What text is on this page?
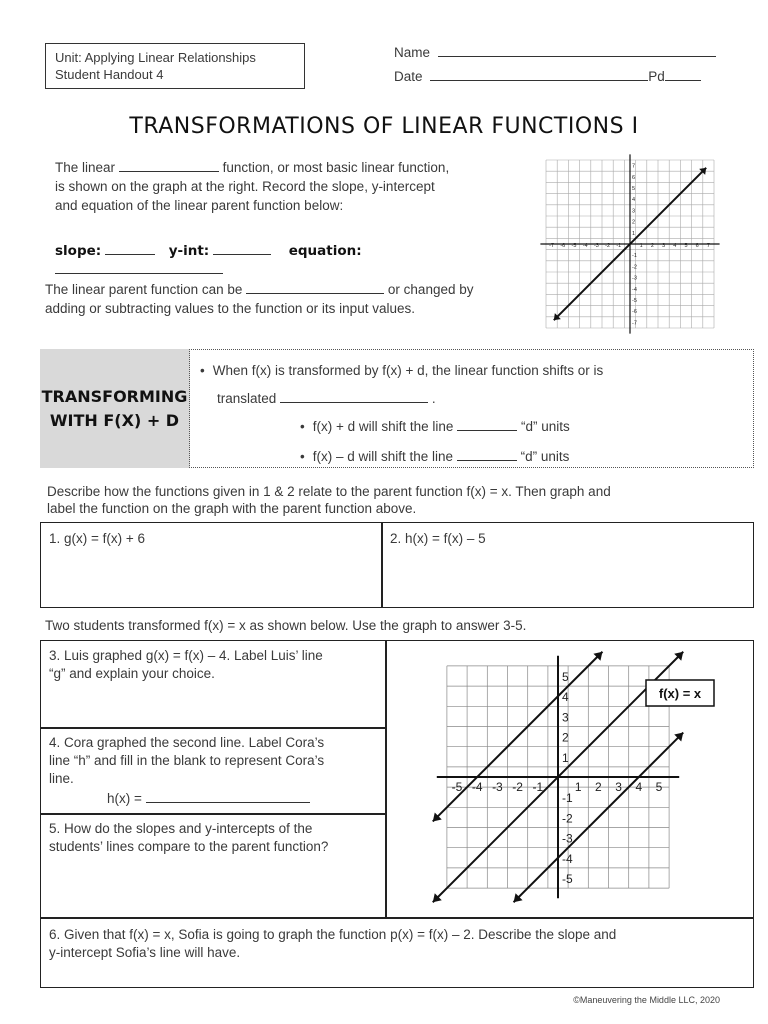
Unit: Applying Linear Relationships
Student Handout 4
Name
Date	Pd
TRANSFORMATIONS OF LINEAR FUNCTIONS I
The linear	function, or most basic linear function,
is shown on the graph at the right. Record the slope, y-intercept
and equation of the linear parent function below:
slope:	y-int:	equation:
The linear parent function can be	or changed by
adding or subtracting values to the function or its input values.
-7 -6 -5 -4 -3 -2 -1	1 2 3 4 5 6 7
7
6
5
4
3
2
1
-1
-2
-3
-4
-5
-6
-7
TRANSFORMING
WITH F(X) + D
• When f(x) is transformed by f(x) + d, the linear function shifts or is
translated	.
• f(x) + d will shift the line	“d” units
• f(x) – d will shift the line	“d” units
Describe how the functions given in 1 & 2 relate to the parent function f(x) = x. Then graph and
label the function on the graph with the parent function above.
1. g(x) = f(x) + 6	2. h(x) = f(x) – 5
Two students transformed f(x) = x as shown below. Use the graph to answer 3-5.
3. Luis graphed g(x) = f(x) – 4. Label Luis’ line
“g” and explain your choice.
4. Cora graphed the second line. Label Cora’s
line “h” and fill in the blank to represent Cora’s
line.
h(x) =
5. How do the slopes and y-intercepts of the
students’ lines compare to the parent function?
-5 -4 -3 -2 -1	1 2 3 4 5
5
4
3
2
1
-1
-2
-3
-4
-5
f(x) = x
6. Given that f(x) = x, Sofia is going to graph the function p(x) = f(x) – 2. Describe the slope and
y-intercept Sofia’s line will have.
©Maneuvering the Middle LLC, 2020
